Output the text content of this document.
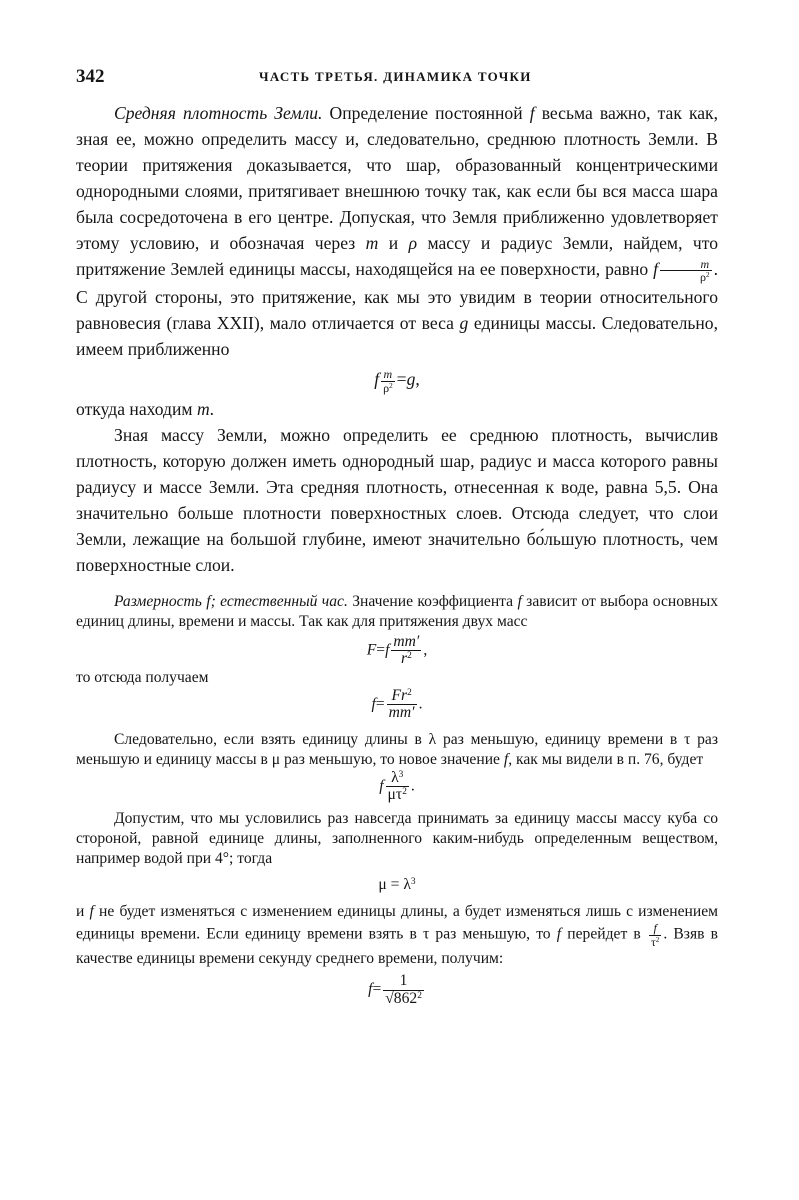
342	ЧАСТЬ ТРЕТЬЯ. ДИНАМИКА ТОЧКИ

Средняя плотность Земли. Определение постоянной f весьма важно, так как, зная ее, можно определить массу и, следовательно, среднюю плотность Земли. В теории притяжения доказывается, что шар, образованный концентрическими однородными слоями, притягивает внешнюю точку так, как если бы вся масса шара была сосредоточена в его центре. Допуская, что Земля приближенно удовлетворяет этому условию, и обозначая через m и ρ массу и радиус Земли, найдем, что притяжение Землей единицы массы, находящейся на ее поверхности, равно f $\frac{m}{\rho^2}$ . С другой стороны, это притяжение, как мы это увидим в теории относительного равновесия (глава XXII), мало отличается от веса g единицы массы. Следовательно, имеем приближенно

f $\frac{m}{\rho^2} =g$,

откуда находим m.

Зная массу Земли, можно определить ее среднюю плотность, вычислив плотность, которую должен иметь однородный шар, радиус и масса которого равны радиусу и массе Земли. Эта средняя плотность, отнесенная к воде, равна 5,5. Она значительно больше плотности поверхностных слоев. Отсюда следует, что слои Земли, лежащие на большой глубине, имеют значительно бо́льшую плотность, чем поверхностные слои.

Размерность f; естественный час. Значение коэффициента f зависит от выбора основных единиц длины, времени и массы. Так как для притяжения двух масс

$F=f \frac{mm'}{r^2}$ ,

то отсюда получаем

$f= \frac{Fr^2}{mm'}$ .

Следовательно, если взять единицу длины в λ раз меньшую, единицу времени в τ раз меньшую и единицу массы в μ раз меньшую, то новое значение f, как мы видели в п. 76, будет

f $\frac{\lambda^3}{\mu\tau^2}$ .

Допустим, что мы условились раз навсегда принимать за единицу массы массу куба со стороной, равной единице длины, заполненного каким-нибудь определенным веществом, например водой при 4°; тогда

$\mu = \lambda^3$

и f не будет изменяться с изменением единицы длины, а будет изменяться лишь с изменением единицы времени. Если единицу времени взять в τ раз меньшую, то f перейдет в $\frac{f}{\tau^2}$ . Взяв в качестве единицы времени секунду среднего времени, получим:

$f= \frac{1}{√862^2}$
